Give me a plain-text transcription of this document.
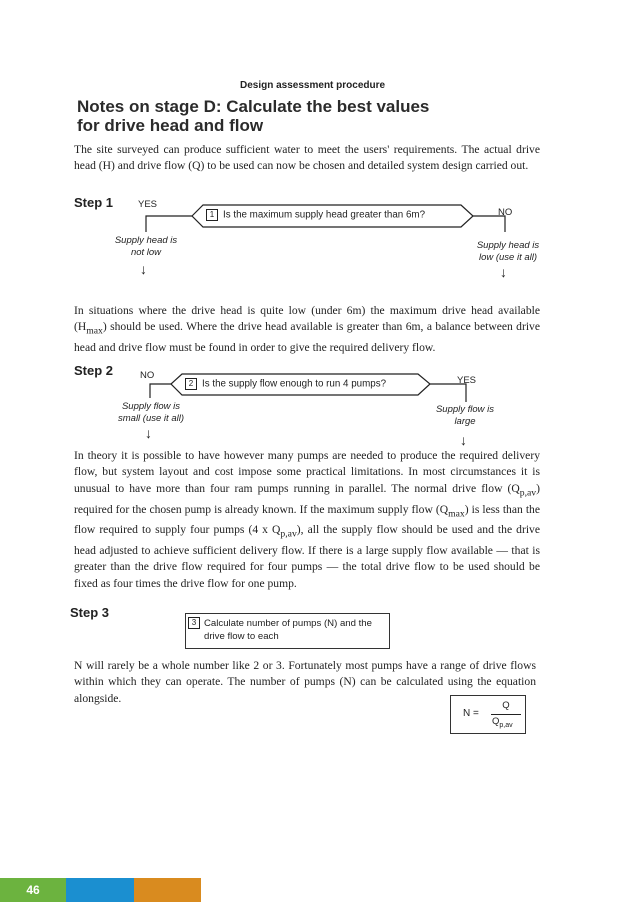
Design assessment procedure
Notes on stage D: Calculate the best values
for drive head and flow
The site surveyed can produce sufficient water to meet the users' requirements. The actual drive head (H) and drive flow (Q) to be used can now be chosen and detailed system design carried out.
Step 1	YES
NO
1 Is the maximum supply head greater than 6m?
Supply head is
not low
↓
Supply head is
low (use it all)
↓
In situations where the drive head is quite low (under 6m) the maximum drive head available $(H_{max})$ should be used. Where the drive head available is greater than 6m, a balance between drive head and drive flow must be found in order to give the required delivery flow.
Step 2	NO	YES
2 Is the supply flow enough to run 4 pumps?
Supply flow is
small (use it all)
↓
Supply flow is
large
↓
In theory it is possible to have however many pumps are needed to produce the required delivery flow, but system layout and cost impose some practical limitations. In most circumstances it is unusual to have more than four ram pumps running in parallel. The normal drive flow $(Q_{p,av})$ required for the chosen pump is already known. If the maximum supply flow $(Q_{max})$ is less than the flow required to supply four pumps (4 x $Q_{p,av}$), all the supply flow should be used and the drive head adjusted to achieve sufficient delivery flow. If there is a large supply flow available — that is greater than the drive flow required for four pumps — the total drive flow to be used should be fixed as four times the drive flow for one pump.
Step 3
3 Calculate number of pumps (N) and the
drive flow to each
N will rarely be a whole number like 2 or 3. Fortunately most pumps have a range of drive flows within which they can operate. The number of pumps (N) can be calculated using the equation alongside.
N =
Q
$Q_{p,av}$
46
